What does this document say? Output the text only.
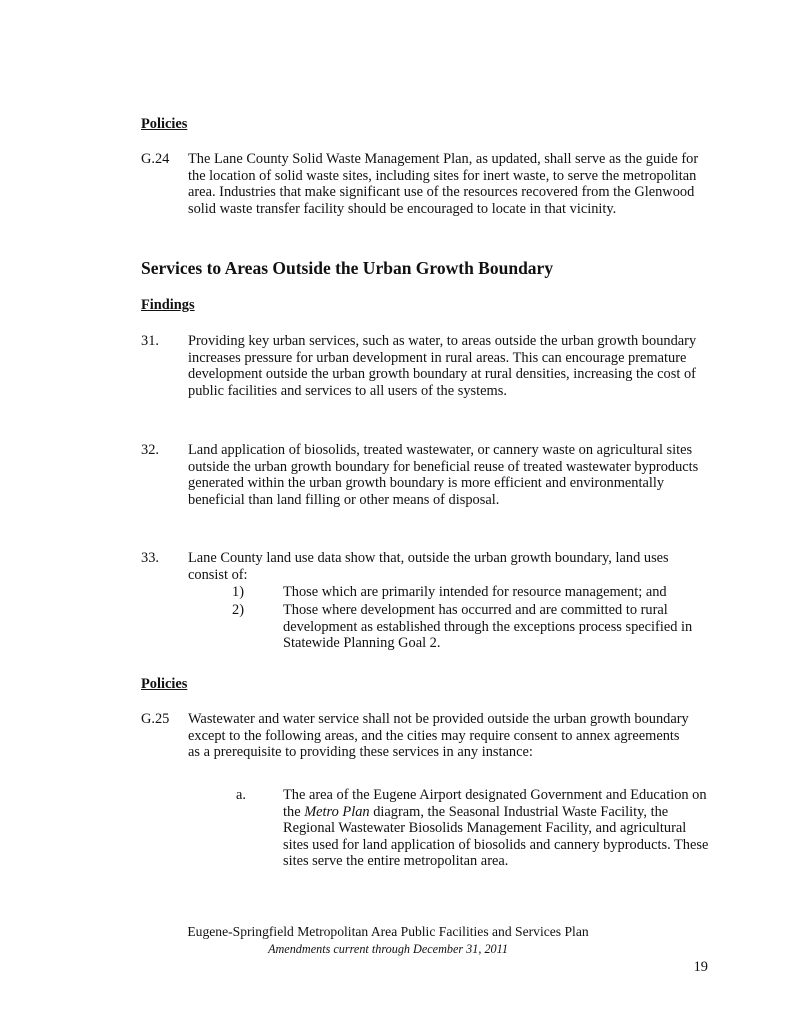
Policies
G.24 The Lane County Solid Waste Management Plan, as updated, shall serve as the guide for the location of solid waste sites, including sites for inert waste, to serve the metropolitan area. Industries that make significant use of the resources recovered from the Glenwood solid waste transfer facility should be encouraged to locate in that vicinity.
Services to Areas Outside the Urban Growth Boundary
Findings
31. Providing key urban services, such as water, to areas outside the urban growth boundary increases pressure for urban development in rural areas. This can encourage premature development outside the urban growth boundary at rural densities, increasing the cost of public facilities and services to all users of the systems.
32. Land application of biosolids, treated wastewater, or cannery waste on agricultural sites outside the urban growth boundary for beneficial reuse of treated wastewater byproducts generated within the urban growth boundary is more efficient and environmentally beneficial than land filling or other means of disposal.
33. Lane County land use data show that, outside the urban growth boundary, land uses consist of:
1)	Those which are primarily intended for resource management; and
2)	Those where development has occurred and are committed to rural development as established through the exceptions process specified in Statewide Planning Goal 2.
Policies
G.25 Wastewater and water service shall not be provided outside the urban growth boundary except to the following areas, and the cities may require consent to annex agreements as a prerequisite to providing these services in any instance:
a.	The area of the Eugene Airport designated Government and Education on the Metro Plan diagram, the Seasonal Industrial Waste Facility, the Regional Wastewater Biosolids Management Facility, and agricultural sites used for land application of biosolids and cannery byproducts. These sites serve the entire metropolitan area.
Eugene-Springfield Metropolitan Area Public Facilities and Services Plan
Amendments current through December 31, 2011
19
